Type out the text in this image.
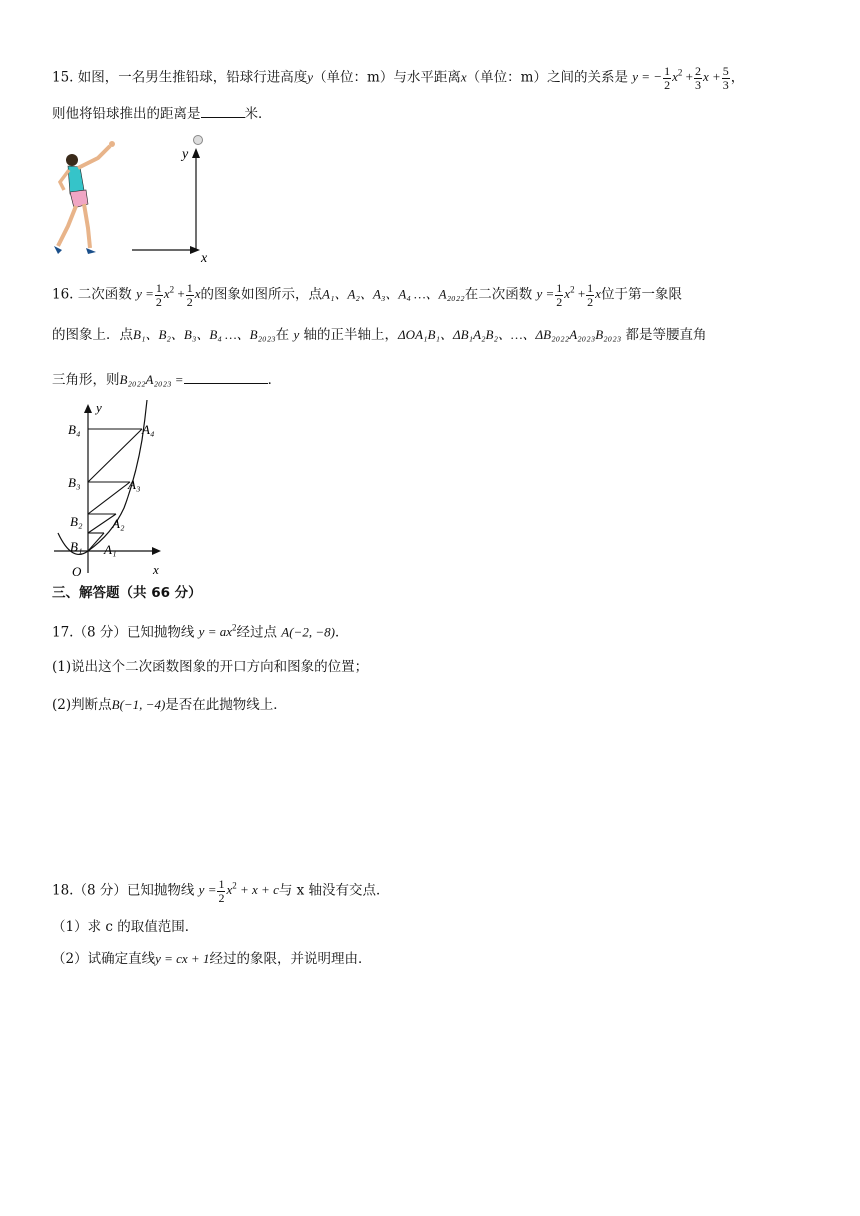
15. 如图，一名男生推铅球，铅球行进高度y（单位：m）与水平距离x（单位：m）之间的关系是 y = − $\frac{1}{2} x^2 + \frac{2}{3}$ $x + \frac{5}{3}$ ，
则他将铅球推出的距离是	米．
y
x
16. 二次函数 $y = \frac{1}{2} x^2 + \frac{1}{2}$ x的图象如图所示，点A₁、A₂、A₃、A₄ …、A₂₀₂₂在二次函数 $y = \frac{1}{2} x^2 + \frac{1}{2}$ x位于第一象限
的图象上．点B₁、B₂、B₃、B₄ …、B₂₀₂₃在 y 轴的正半轴上，ΔOA₁B₁、ΔB₁A₂B₂、…、ΔB₂₀₂₂A₂₀₂₃B₂₀₂₃ 都是等腰直角
三角形，则B₂₀₂₂A₂₀₂₃ =	．
y
x
O
B₁
B₂
B₃
B₄
A₁
A₂
A₃
A₄
三、解答题（共 66 分）
17.（8 分）已知抛物线 $y = ax^2$经过点 A(−2, −8)．
(1)说出这个二次函数图象的开口方向和图象的位置；
(2)判断点B(−1, −4)是否在此抛物线上．
18.（8 分）已知抛物线 $y = \frac{1}{2} x^2 + x + c$与 x 轴没有交点．
（1）求 c 的取值范围．
（2）试确定直线y = cx + 1经过的象限，并说明理由．
